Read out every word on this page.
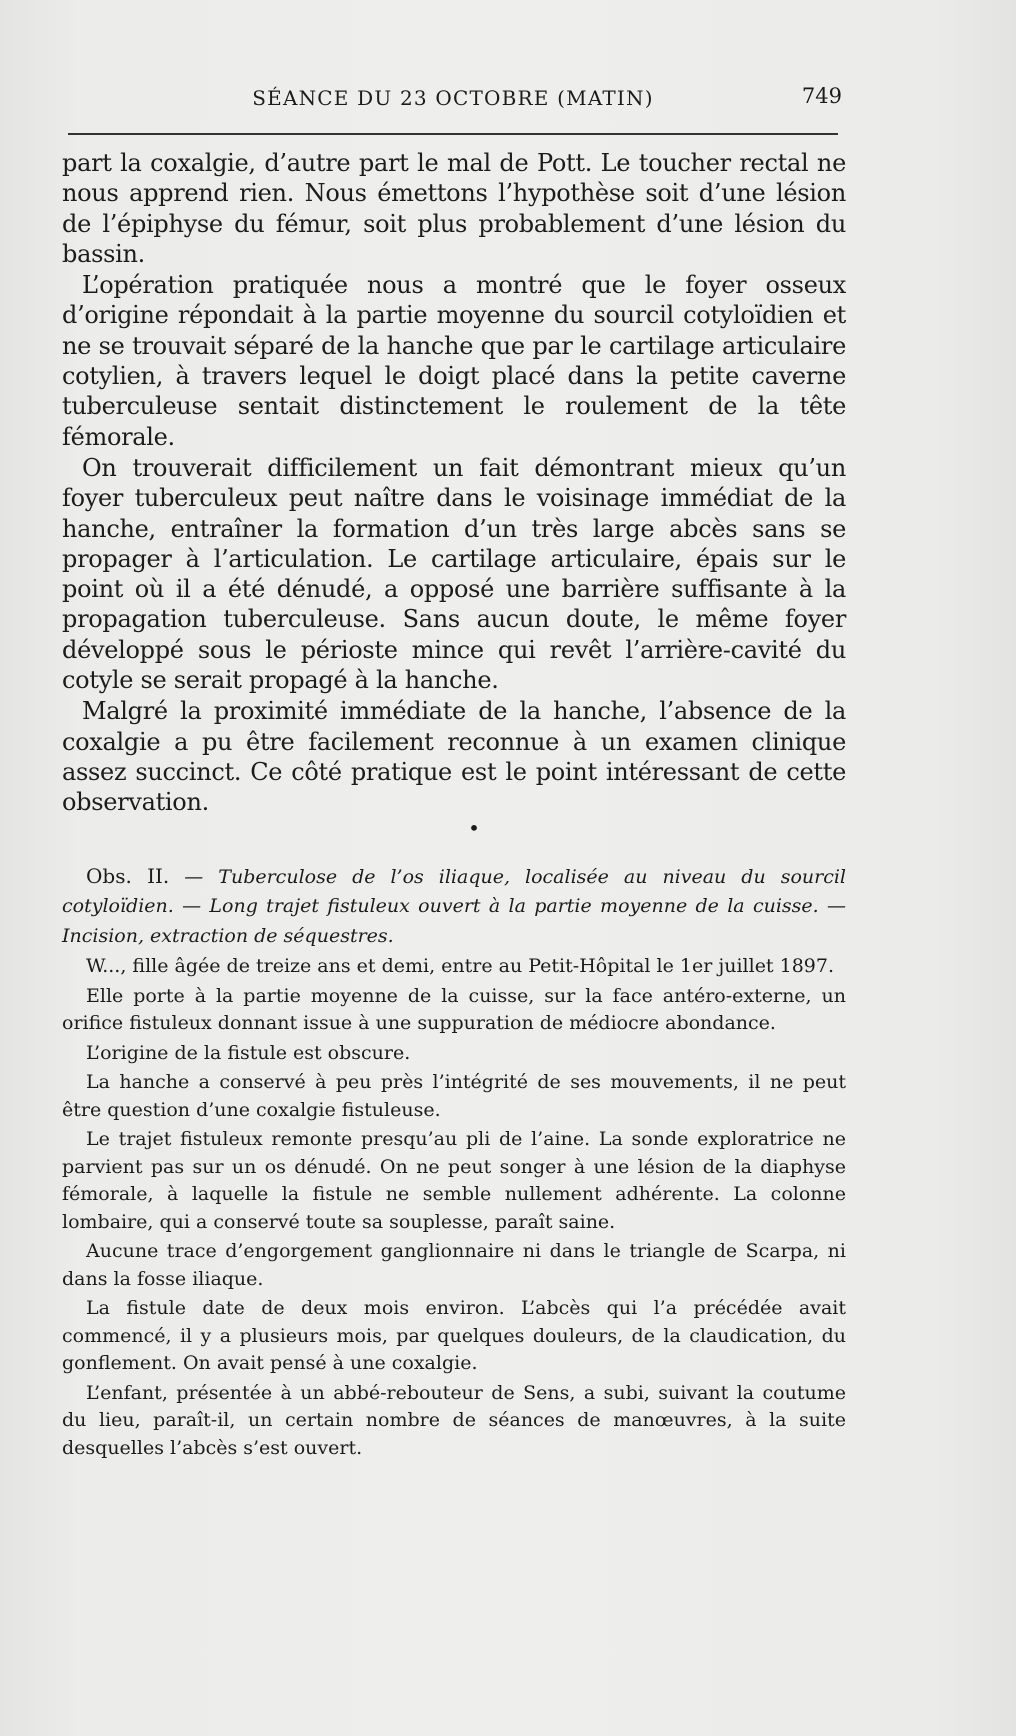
SÉANCE DU 23 OCTOBRE (MATIN)	749

part la coxalgie, d’autre part le mal de Pott. Le toucher rectal ne nous apprend rien. Nous émettons l’hypothèse soit d’une lésion de l’épiphyse du fémur, soit plus probablement d’une lésion du bassin.

L’opération pratiquée nous a montré que le foyer osseux d’origine répondait à la partie moyenne du sourcil cotyloïdien et ne se trouvait séparé de la hanche que par le cartilage articulaire cotylien, à travers lequel le doigt placé dans la petite caverne tuberculeuse sentait distinctement le roulement de la tête fémorale.

On trouverait difficilement un fait démontrant mieux qu’un foyer tuberculeux peut naître dans le voisinage immédiat de la hanche, entraîner la formation d’un très large abcès sans se propager à l’articulation. Le cartilage articulaire, épais sur le point où il a été dénudé, a opposé une barrière suffisante à la propagation tuberculeuse. Sans aucun doute, le même foyer développé sous le périoste mince qui revêt l’arrière-cavité du cotyle se serait propagé à la hanche.

Malgré la proximité immédiate de la hanche, l’absence de la coxalgie a pu être facilement reconnue à un examen clinique assez succinct. Ce côté pratique est le point intéressant de cette observation.

•

Obs. II. — Tuberculose de l’os iliaque, localisée au niveau du sourcil cotyloïdien. — Long trajet fistuleux ouvert à la partie moyenne de la cuisse. — Incision, extraction de séquestres.

W..., fille âgée de treize ans et demi, entre au Petit-Hôpital le 1er juillet 1897.

Elle porte à la partie moyenne de la cuisse, sur la face antéro-externe, un orifice fistuleux donnant issue à une suppuration de médiocre abondance.

L’origine de la fistule est obscure.

La hanche a conservé à peu près l’intégrité de ses mouvements, il ne peut être question d’une coxalgie fistuleuse.

Le trajet fistuleux remonte presqu’au pli de l’aine. La sonde exploratrice ne parvient pas sur un os dénudé. On ne peut songer à une lésion de la diaphyse fémorale, à laquelle la fistule ne semble nullement adhérente. La colonne lombaire, qui a conservé toute sa souplesse, paraît saine.

Aucune trace d’engorgement ganglionnaire ni dans le triangle de Scarpa, ni dans la fosse iliaque.

La fistule date de deux mois environ. L’abcès qui l’a précédée avait commencé, il y a plusieurs mois, par quelques douleurs, de la claudication, du gonflement. On avait pensé à une coxalgie.

L’enfant, présentée à un abbé-rebouteur de Sens, a subi, suivant la coutume du lieu, paraît-il, un certain nombre de séances de manœuvres, à la suite desquelles l’abcès s’est ouvert.
